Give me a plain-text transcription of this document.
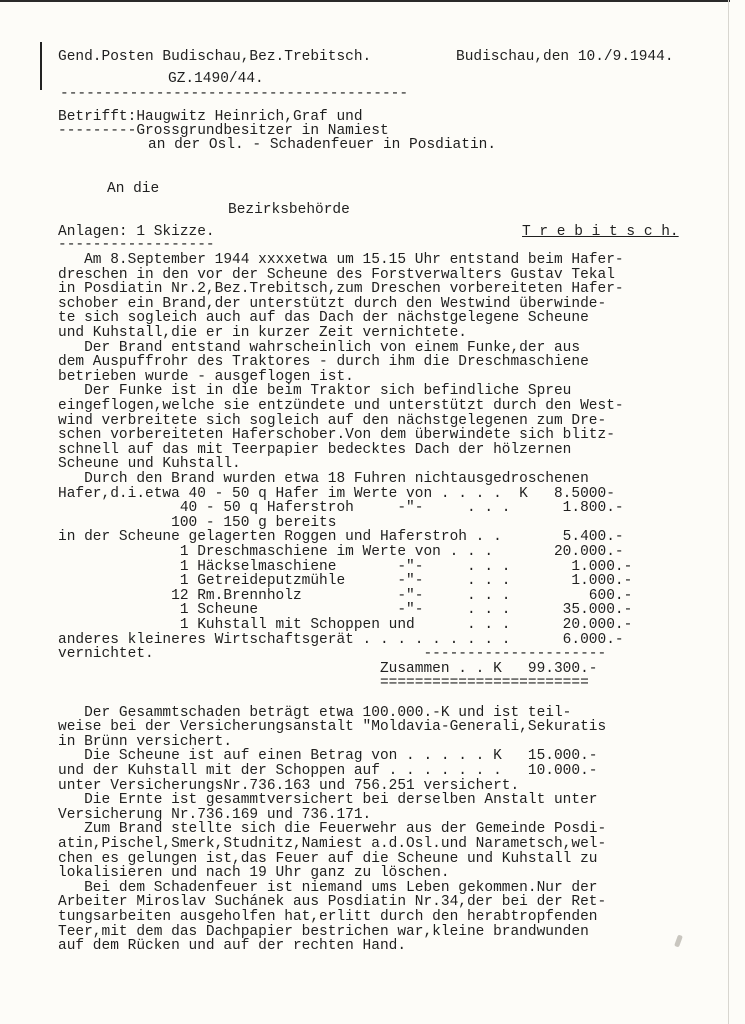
Gend.Posten Budischau,Bez.Trebitsch.	Budischau,den 10./9.1944.
GZ.1490/44.
----------------------------------------
Betrifft:Haugwitz Heinrich,Graf und
---------Grossgrundbesitzer in Namiest
an der Osl. - Schadenfeuer in Posdiatin.
An die
Bezirksbehörde
Anlagen: 1 Skizze.
------------------
T r e b i t s c h.
Am 8.September 1944 xxxxetwa um 15.15 Uhr entstand beim Hafer-
dreschen in den vor der Scheune des Forstverwalters Gustav Tekal
in Posdiatin Nr.2,Bez.Trebitsch,zum Dreschen vorbereiteten Hafer-
schober ein Brand,der unterstützt durch den Westwind überwinde-
te sich sogleich auch auf das Dach der nächstgelegene Scheune
und Kuhstall,die er in kurzer Zeit vernichtete.
Der Brand entstand wahrscheinlich von einem Funke,der aus
dem Auspuffrohr des Traktores - durch ihm die Dreschmaschiene
betrieben wurde - ausgeflogen ist.
Der Funke ist in die beim Traktor sich befindliche Spreu
eingeflogen,welche sie entzündete und unterstützt durch den West-
wind verbreitete sich sogleich auf den nächstgelegenen zum Dre-
schen vorbereiteten Haferschober.Von dem überwindete sich blitz-
schnell auf das mit Teerpapier bedecktes Dach der hölzernen
Scheune und Kuhstall.
Durch den Brand wurden etwa 18 Fuhren nichtausgedroschenen
Hafer,d.i.etwa 40 - 50 q Hafer im Werte von . . . .  K   8.5000-
40 - 50 q Haferstroh     -"-     . . .      1.800.-
100 - 150 g bereits
in der Scheune gelagerten Roggen und Haferstroh . .       5.400.-
1 Dreschmaschiene im Werte von . . .       20.000.-
1 Häckselmaschiene       -"-     . . .       1.000.-
1 Getreideputzmühle      -"-     . . .       1.000.-
12 Rm.Brennholz           -"-     . . .         600.-
1 Scheune                -"-     . . .      35.000.-
1 Kuhstall mit Schoppen und      . . .      20.000.-
anderes kleineres Wirtschaftsgerät . . . . . . . . .      6.000.-
vernichtet.                               ---------------------
Zusammen . . K   99.300.-
========================
Der Gesammtschaden beträgt etwa 100.000.-K und ist teil-
weise bei der Versicherungsanstalt "Moldavia-Generali,Sekuratis
in Brünn versichert.
Die Scheune ist auf einen Betrag von . . . . . K   15.000.-
und der Kuhstall mit der Schoppen auf . . . . . . .   10.000.-
unter VersicherungsNr.736.163 und 756.251 versichert.
Die Ernte ist gesammtversichert bei derselben Anstalt unter
Versicherung Nr.736.169 und 736.171.
Zum Brand stellte sich die Feuerwehr aus der Gemeinde Posdi-
atin,Pischel,Smerk,Studnitz,Namiest a.d.Osl.und Narametsch,wel-
chen es gelungen ist,das Feuer auf die Scheune und Kuhstall zu
lokalisieren und nach 19 Uhr ganz zu löschen.
Bei dem Schadenfeuer ist niemand ums Leben gekommen.Nur der
Arbeiter Miroslav Suchánek aus Posdiatin Nr.34,der bei der Ret-
tungsarbeiten ausgeholfen hat,erlitt durch den herabtropfenden
Teer,mit dem das Dachpapier bestrichen war,kleine brandwunden
auf dem Rücken und auf der rechten Hand.
